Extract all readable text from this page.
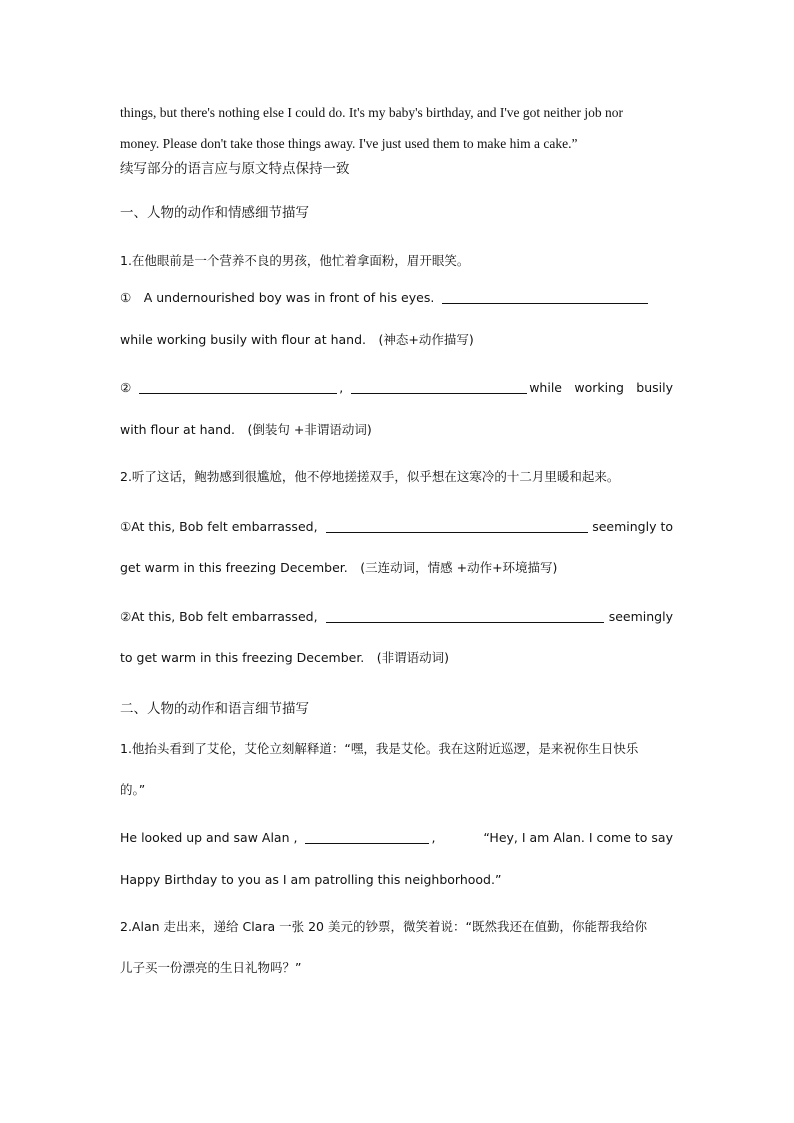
things, but there's nothing else I could do. It's my baby's birthday, and I've got neither job nor
money. Please don't take those things away. I've just used them to make him a cake.”
续写部分的语言应与原文特点保持一致
一、人物的动作和情感细节描写
1.在他眼前是一个营养不良的男孩，他忙着拿面粉，眉开眼笑。
①　A undernourished boy was in front of his eyes.
while working busily with flour at hand.　(神态+动作描写)
②	,	while working busily
with flour at hand.　(倒装句 +非谓语动词)
2.听了这话，鲍勃感到很尴尬，他不停地搓搓双手，似乎想在这寒冷的十二月里暖和起来。
①At this, Bob felt embarrassed,	seemingly to
get warm in this freezing December.　(三连动词，情感 +动作+环境描写)
②At this, Bob felt embarrassed,	seemingly
to get warm in this freezing December.　(非谓语动词)
二、人物的动作和语言细节描写
1.他抬头看到了艾伦，艾伦立刻解释道：“嘿，我是艾伦。我在这附近巡逻，是来祝你生日快乐
的。”
He looked up and saw Alan ,	,	“Hey, I am Alan. I come to say
Happy Birthday to you as I am patrolling this neighborhood.”
2.Alan 走出来，递给 Clara 一张 20 美元的钞票，微笑着说：“既然我还在值勤，你能帮我给你
儿子买一份漂亮的生日礼物吗？”
